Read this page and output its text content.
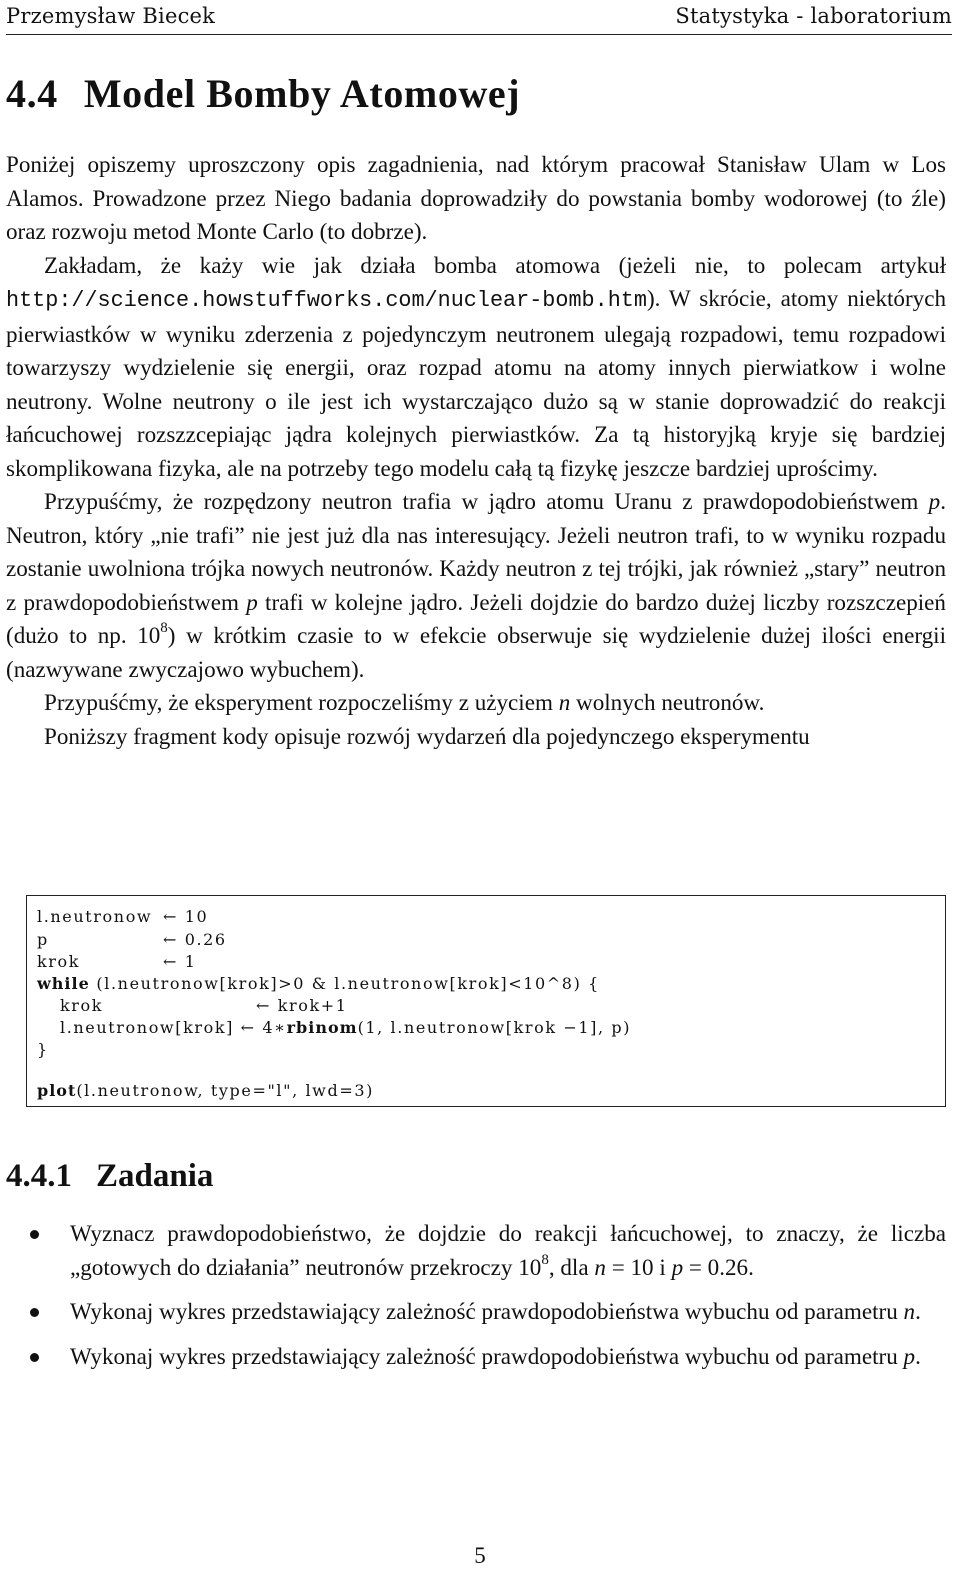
Przemysław Biecek	Statystyka - laboratorium
4.4 Model Bomby Atomowej

Poniżej opiszemy uproszczony opis zagadnienia, nad którym pracował Stanisław Ulam w Los Alamos. Prowadzone przez Niego badania doprowadziły do powstania bomby wodorowej (to źle) oraz rozwoju metod Monte Carlo (to dobrze).

Zakładam, że każy wie jak działa bomba atomowa (jeżeli nie, to polecam artykuł http://science.howstuffworks.com/nuclear-bomb.htm). W skrócie, atomy niektórych pierwiastków w wyniku zderzenia z pojedynczym neutronem ulegają rozpadowi, temu rozpadowi towarzyszy wydzielenie się energii, oraz rozpad atomu na atomy innych pierwiatkow i wolne neutrony. Wolne neutrony o ile jest ich wystarczająco dużo są w stanie doprowadzić do reakcji łańcuchowej rozszzcepiając jądra kolejnych pierwiastków. Za tą historyjką kryje się bardziej skomplikowana fizyka, ale na potrzeby tego modelu całą tą fizykę jeszcze bardziej uprościmy.

Przypuśćmy, że rozpędzony neutron trafia w jądro atomu Uranu z prawdopodobieństwem p. Neutron, który „nie trafi” nie jest już dla nas interesujący. Jeżeli neutron trafi, to w wyniku rozpadu zostanie uwolniona trójka nowych neutronów. Każdy neutron z tej trójki, jak również „stary” neutron z prawdopodobieństwem p trafi w kolejne jądro. Jeżeli dojdzie do bardzo dużej liczby rozszczepień (dużo to np. $10^8$) w krótkim czasie to w efekcie obserwuje się wydzielenie dużej ilości energii (nazwywane zwyczajowo wybuchem).

Przypuśćmy, że eksperyment rozpoczeliśmy z użyciem n wolnych neutronów.

Poniższy fragment kody opisuje rozwój wydarzeń dla pojedynczego eksperymentu

l.neutronow ← 10
p	← 0.26
krok	← 1
while (l.neutronow[krok]>0 & l.neutronow[krok]<10^8) {
krok	← krok+1
l.neutronow[krok] ← 4∗rbinom(1, l.neutronow[krok −1], p)
}
plot(l.neutronow, type="l", lwd=3)
4.4.1 Zadania
Wyznacz prawdopodobieństwo, że dojdzie do reakcji łańcuchowej, to znaczy, że liczba „gotowych do działania” neutronów przekroczy $10^8$, dla n = 10 i p = 0.26.
Wykonaj wykres przedstawiający zależność prawdopodobieństwa wybuchu od parametru n.
Wykonaj wykres przedstawiający zależność prawdopodobieństwa wybuchu od parametru p.
5
